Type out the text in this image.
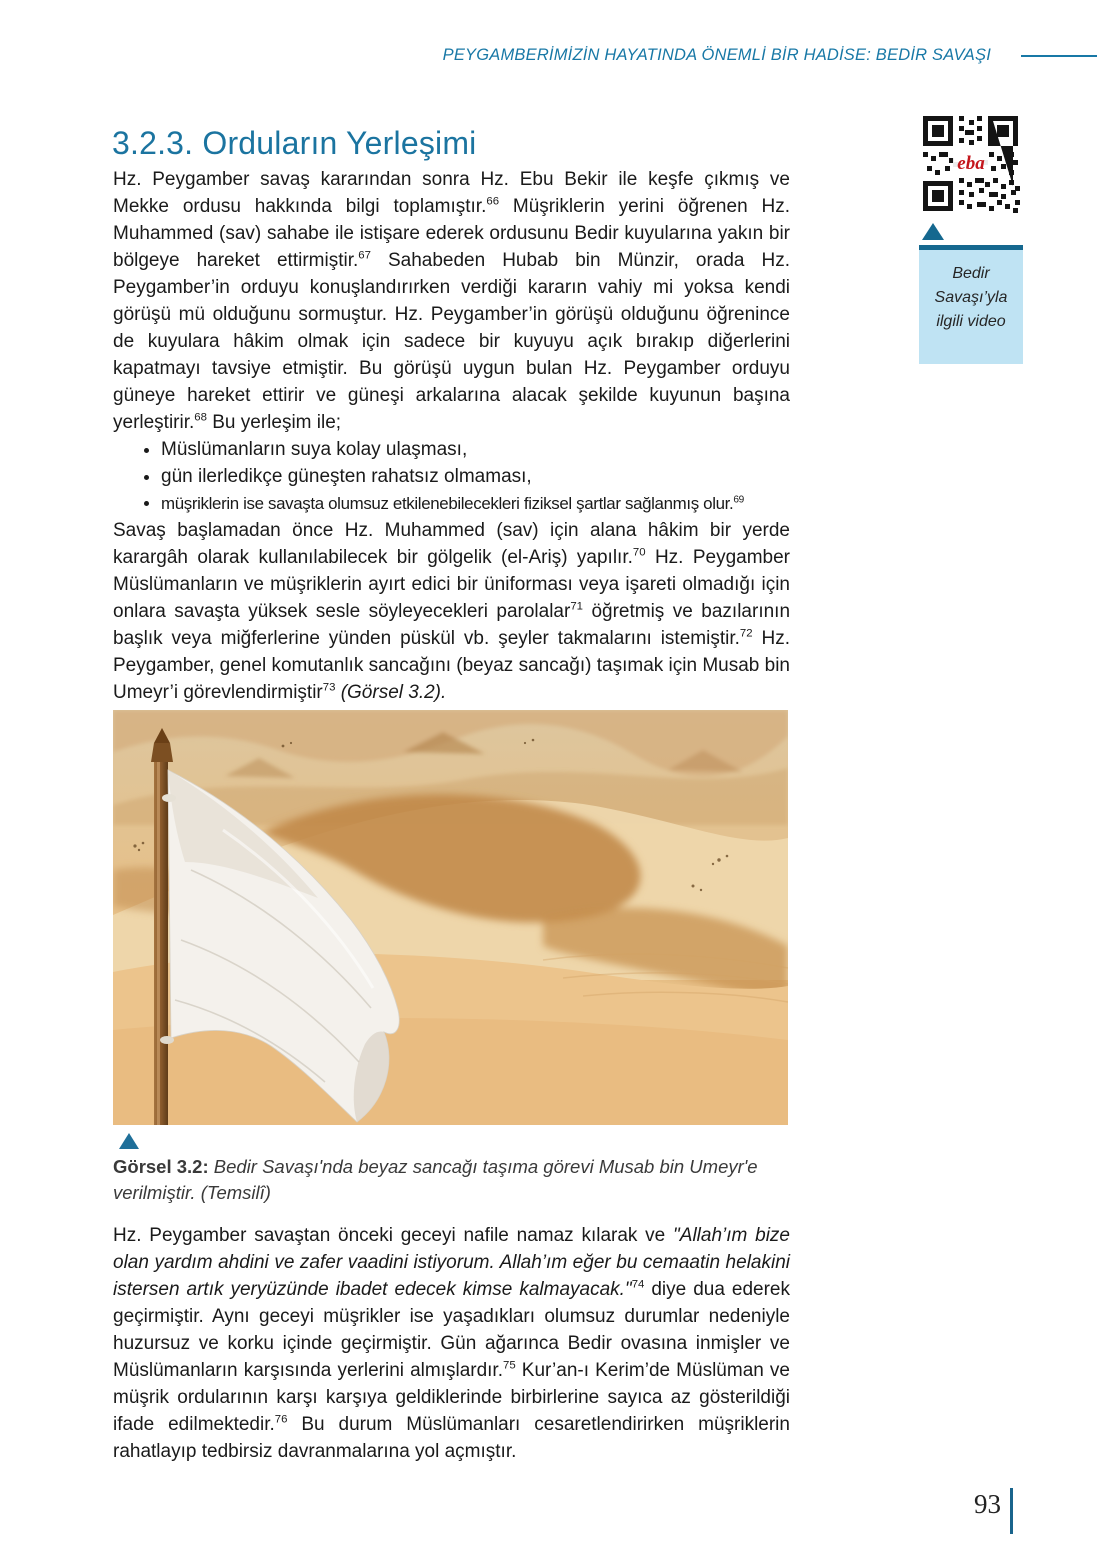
PEYGAMBERİMİZİN HAYATINDA ÖNEMLİ BİR HADİSE: BEDİR SAVAŞI
3.2.3. Orduların Yerleşimi
eba
Bedir Savaşı’yla ilgili video

Hz. Peygamber savaş kararından sonra Hz. Ebu Bekir ile keşfe çıkmış ve Mekke ordusu hakkında bilgi toplamıştır.$^{66}$ Müşriklerin yerini öğrenen Hz. Muhammed (sav) sahabe ile istişare ederek ordusunu Bedir kuyularına yakın bir bölgeye hareket ettirmiştir.$^{67}$ Sahabeden Hubab bin Münzir, orada Hz. Peygamber’in orduyu konuşlandırırken verdiği kararın vahiy mi yoksa kendi görüşü mü olduğunu sormuştur. Hz. Peygamber’in görüşü olduğunu öğrenince de kuyulara hâkim olmak için sadece bir kuyuyu açık bırakıp diğerlerini kapatmayı tavsiye etmiştir. Bu görüşü uygun bulan Hz. Peygamber orduyu güneye hareket ettirir ve güneşi arkalarına alacak şekilde kuyunun başına yerleştirir.$^{68}$ Bu yerleşim ile;

• Müslümanların suya kolay ulaşması,
• gün ilerledikçe güneşten rahatsız olmaması,
• müşriklerin ise savaşta olumsuz etkilenebilecekleri fiziksel şartlar sağlanmış olur.$^{69}$

Savaş başlamadan önce Hz. Muhammed (sav) için alana hâkim bir yerde karargâh olarak kullanılabilecek bir gölgelik (el-Ariş) yapılır.$^{70}$ Hz. Peygamber Müslümanların ve müşriklerin ayırt edici bir üniforması veya işareti olmadığı için onlara savaşta yüksek sesle söyleyecekleri parolalar$^{71}$ öğretmiş ve bazılarının başlık veya miğferlerine yünden püskül vb. şeyler takmalarını istemiştir.$^{72}$ Hz. Peygamber, genel komutanlık sancağını (beyaz sancağı) taşımak için Musab bin Umeyr’i görevlendirmiştir$^{73}$ (Görsel 3.2).

Görsel 3.2: Bedir Savaşı'nda beyaz sancağı taşıma görevi Musab bin Umeyr'e verilmiştir. (Temsilî)

Hz. Peygamber savaştan önceki geceyi nafile namaz kılarak ve "Allah’ım bize olan yardım ahdini ve zafer vaadini istiyorum. Allah’ım eğer bu cemaatin helakini istersen artık yeryüzünde ibadet edecek kimse kalmayacak."$^{74}$ diye dua ederek geçirmiştir. Aynı geceyi müşrikler ise yaşadıkları olumsuz durumlar nedeniyle huzursuz ve korku içinde geçirmiştir. Gün ağarınca Bedir ovasına inmişler ve Müslümanların karşısında yerlerini almışlardır.$^{75}$ Kur’an-ı Kerim’de Müslüman ve müşrik ordularının karşı karşıya geldiklerinde birbirlerine sayıca az gösterildiği ifade edilmektedir.$^{76}$ Bu durum Müslümanları cesaretlendirirken müşriklerin rahatlayıp tedbirsiz davranmalarına yol açmıştır.

93
